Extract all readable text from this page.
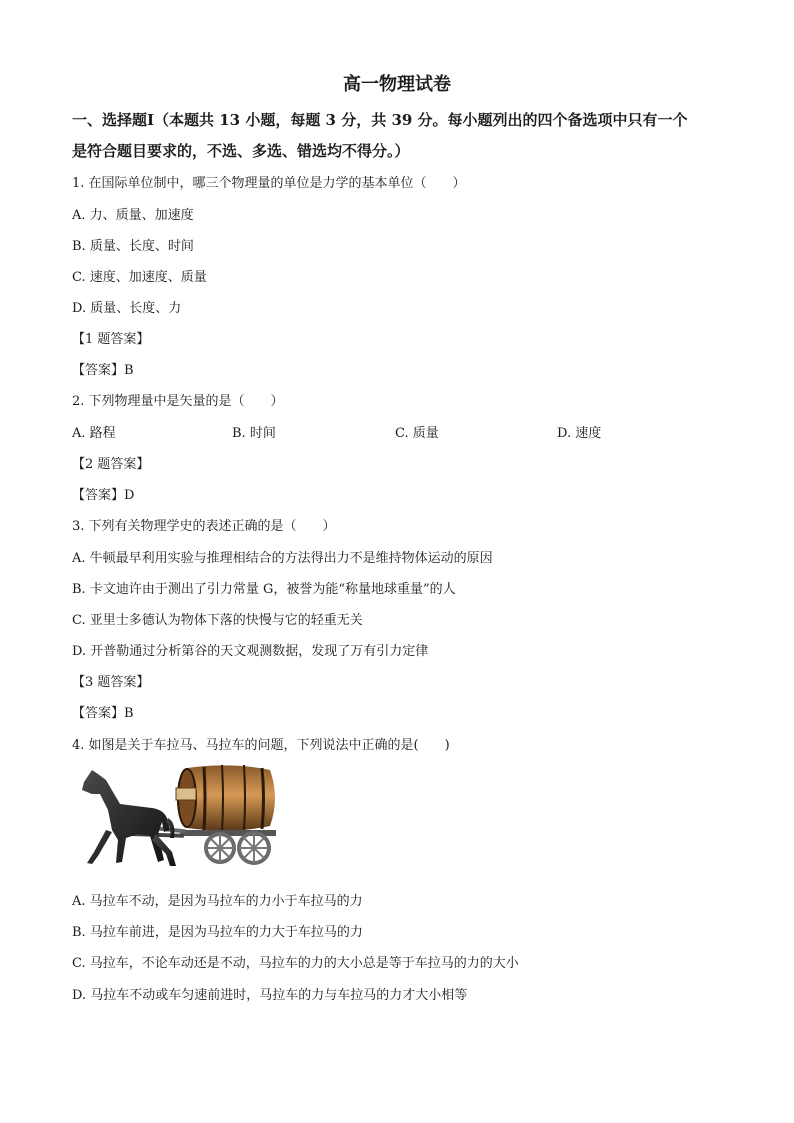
高一物理试卷
一、选择题Ⅰ（本题共 13 小题，每题 3 分，共 39 分。每小题列出的四个备选项中只有一个
是符合题目要求的，不选、多选、错选均不得分。）
1. 在国际单位制中，哪三个物理量的单位是力学的基本单位（　　）
A. 力、质量、加速度
B. 质量、长度、时间
C. 速度、加速度、质量
D. 质量、长度、力
【1 题答案】
【答案】B
2. 下列物理量中是矢量的是（　　）
A. 路程	B. 时间	C. 质量	D. 速度
【2 题答案】
【答案】D
3. 下列有关物理学史的表述正确的是（　　）
A. 牛顿最早利用实验与推理相结合的方法得出力不是维持物体运动的原因
B. 卡文迪许由于测出了引力常量 G，被誉为能“称量地球重量”的人
C. 亚里士多德认为物体下落的快慢与它的轻重无关
D. 开普勒通过分析第谷的天文观测数据，发现了万有引力定律
【3 题答案】
【答案】B
4. 如图是关于车拉马、马拉车的问题，下列说法中正确的是(　　)
A. 马拉车不动，是因为马拉车的力小于车拉马的力
B. 马拉车前进，是因为马拉车的力大于车拉马的力
C. 马拉车，不论车动还是不动，马拉车的力的大小总是等于车拉马的力的大小
D. 马拉车不动或车匀速前进时，马拉车的力与车拉马的力才大小相等
